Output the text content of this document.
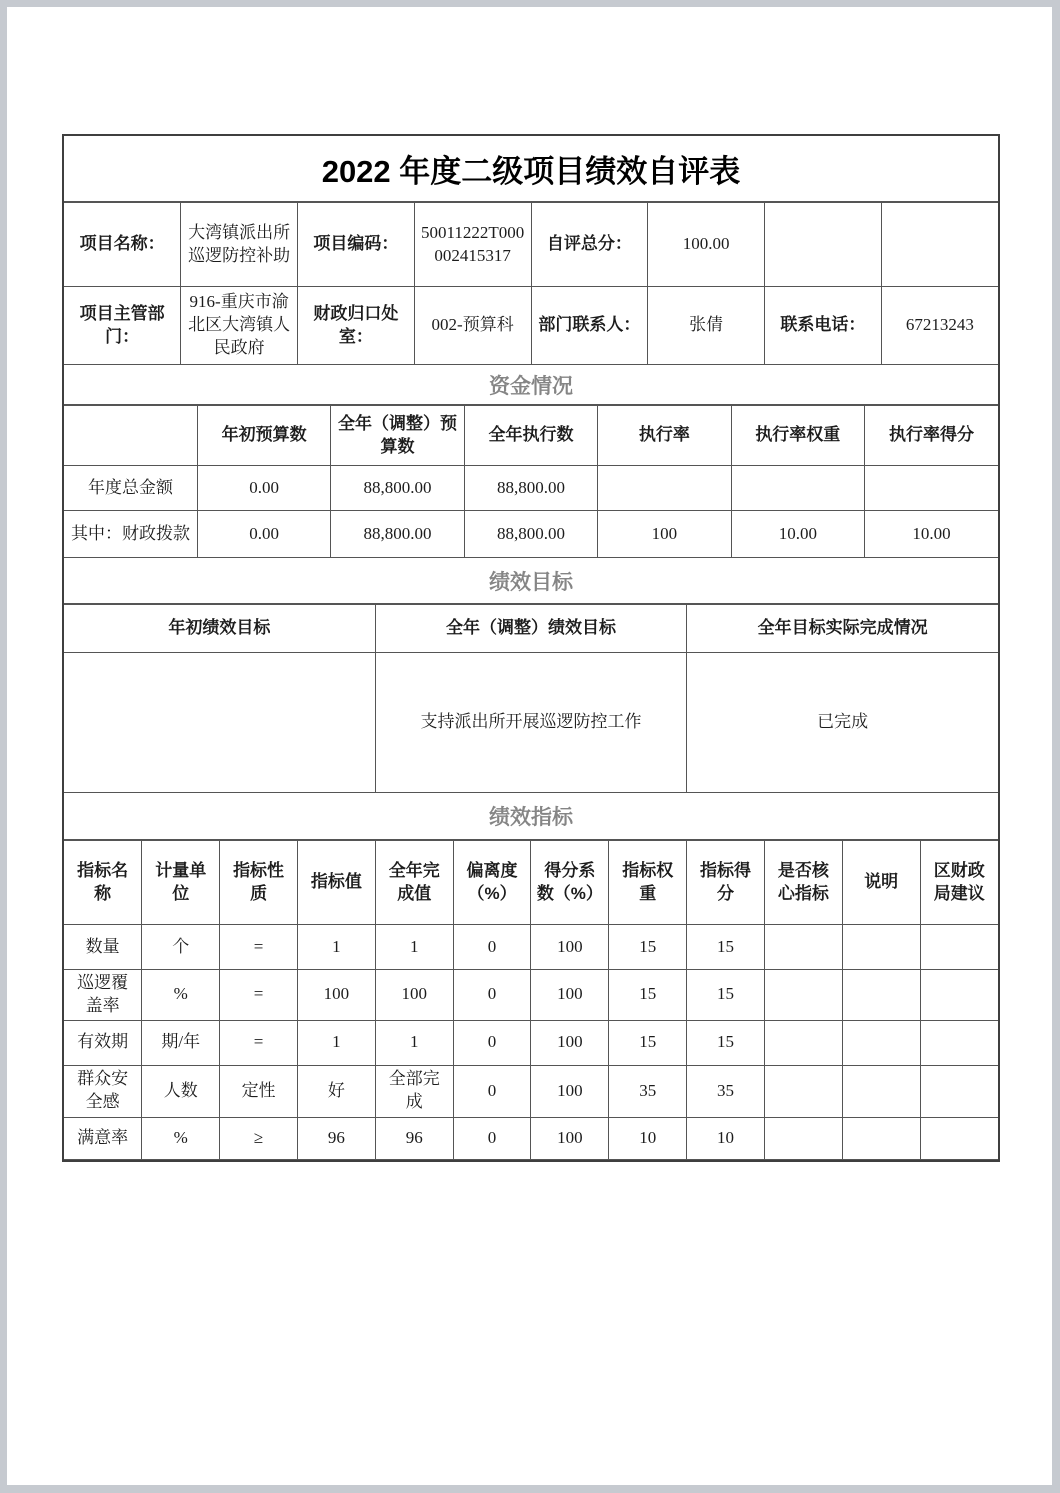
2022 年度二级项目绩效自评表
项目名称：	大湾镇派出所巡逻防控补助	项目编码：	50011222T000002415317	自评总分：	100.00		
项目主管部门：	916-重庆市渝北区大湾镇人民政府	财政归口处室：	002-预算科	部门联系人：	张倩	联系电话：	67213243
资金情况
	年初预算数	全年（调整）预算数	全年执行数	执行率	执行率权重	执行率得分
年度总金额	0.00	88,800.00	88,800.00			
其中：财政拨款	0.00	88,800.00	88,800.00	100	10.00	10.00
绩效目标
年初绩效目标	全年（调整）绩效目标	全年目标实际完成情况
	支持派出所开展巡逻防控工作	已完成
绩效指标
指标名称	计量单位	指标性质	指标值	全年完成值	偏离度（%）	得分系数（%）	指标权重	指标得分	是否核心指标	说明	区财政局建议
数量	个	=	1	1	0	100	15	15			
巡逻覆盖率	%	=	100	100	0	100	15	15			
有效期	期/年	=	1	1	0	100	15	15			
群众安全感	人数	定性	好	全部完成	0	100	35	35			
满意率	%	≥	96	96	0	100	10	10			
